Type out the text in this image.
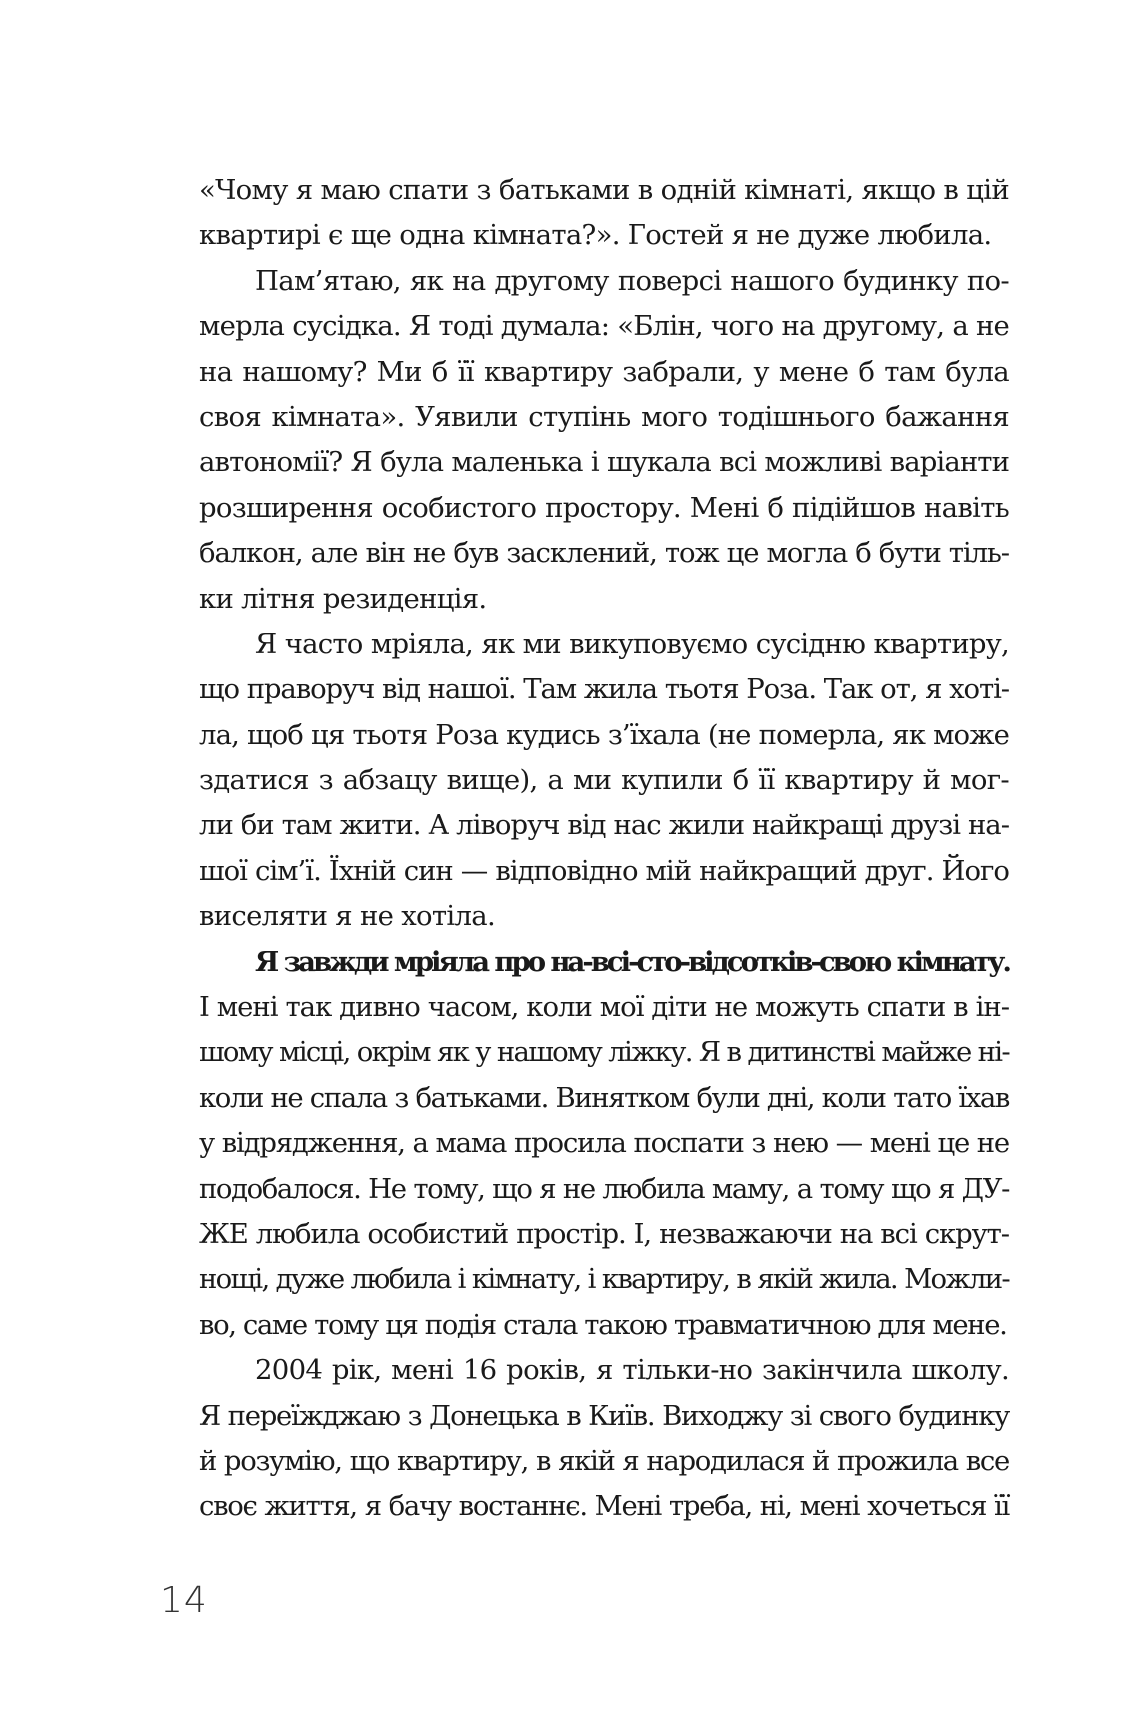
«Чому я маю спати з батьками в одній кімнаті, якщо в цій
квартирі є ще одна кімната?». Гостей я не дуже любила.
Пам’ятаю, як на другому поверсі нашого будинку по-
мерла сусідка. Я тоді думала: «Блін, чого на другому, а не
на нашому? Ми б її квартиру забрали, у мене б там була
своя кімната». Уявили ступінь мого тодішнього бажання
автономії? Я була маленька і шукала всі можливі варіанти
розширення особистого простору. Мені б підійшов навіть
балкон, але він не був засклений, тож це могла б бути тіль-
ки літня резиденція.
Я часто мріяла, як ми викуповуємо сусідню квартиру,
що праворуч від нашої. Там жила тьотя Роза. Так от, я хоті-
ла, щоб ця тьотя Роза кудись з’їхала (не померла, як може
здатися з абзацу вище), а ми купили б її квартиру й мог-
ли би там жити. А ліворуч від нас жили найкращі друзі на-
шої сім’ї. Їхній син — відповідно мій найкращий друг. Його
виселяти я не хотіла.
Я завжди мріяла про на-всі-сто-відсотків-свою кімнату.
І мені так дивно часом, коли мої діти не можуть спати в ін-
шому місці, окрім як у нашому ліжку. Я в дитинстві майже ні-
коли не спала з батьками. Винятком були дні, коли тато їхав
у відрядження, а мама просила поспати з нею — мені це не
подобалося. Не тому, що я не любила маму, а тому що я ДУ-
ЖЕ любила особистий простір. І, незважаючи на всі скрут-
нощі, дуже любила і кімнату, і квартиру, в якій жила. Можли-
во, саме тому ця подія стала такою травматичною для мене.
2004 рік, мені 16 років, я тільки-но закінчила школу.
Я переїжджаю з Донецька в Київ. Виходжу зі свого будинку
й розумію, що квартиру, в якій я народилася й прожила все
своє життя, я бачу востаннє. Мені треба, ні, мені хочеться її
14
